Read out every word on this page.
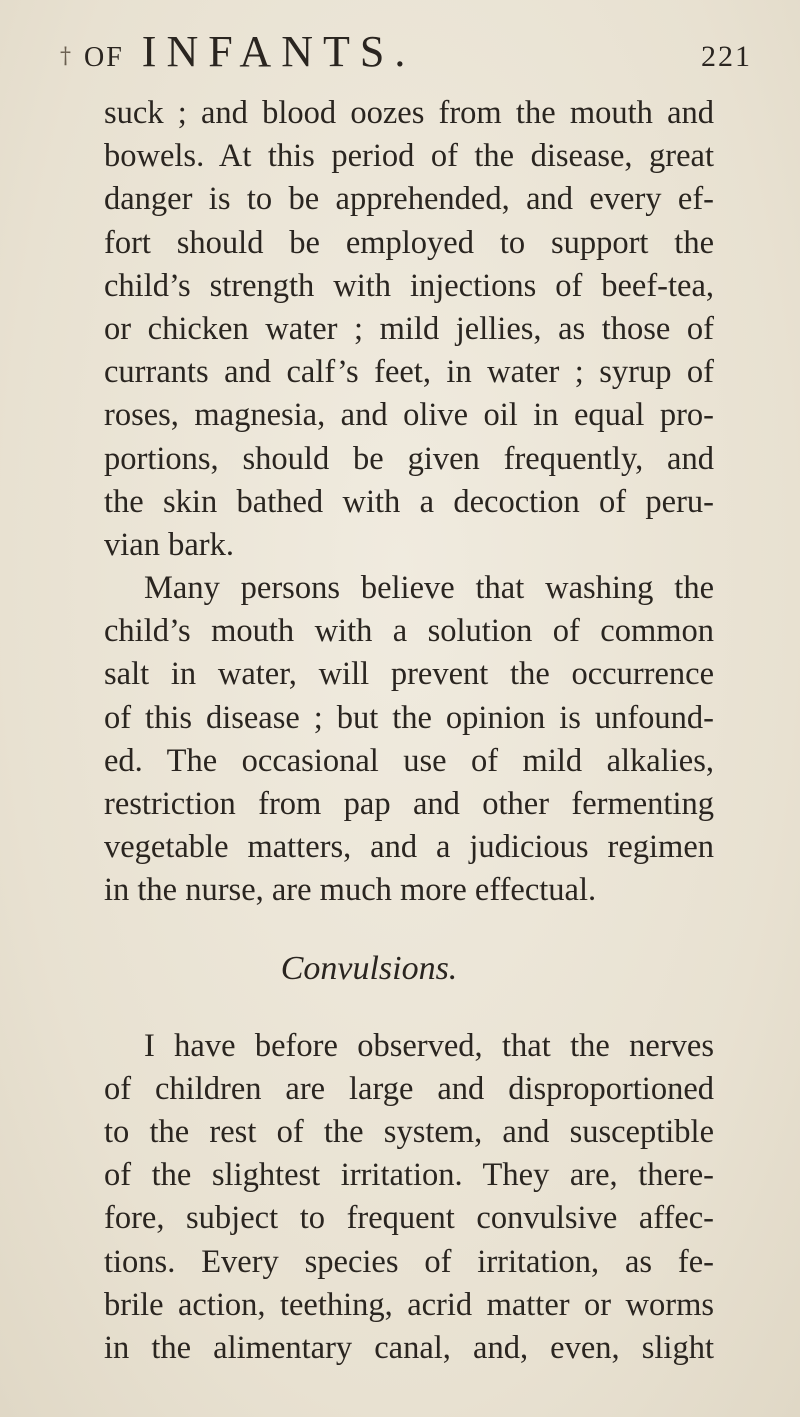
† OF INFANTS.	221
suck ; and blood oozes from the mouth and
bowels. At this period of the disease, great
danger is to be apprehended, and every ef-
fort should be employed to support the
child’s strength with injections of beef-tea,
or chicken water ; mild jellies, as those of
currants and calf’s feet, in water ; syrup of
roses, magnesia, and olive oil in equal pro-
portions, should be given frequently, and
the skin bathed with a decoction of peru-
vian bark.
Many persons believe that washing the
child’s mouth with a solution of common
salt in water, will prevent the occurrence
of this disease ; but the opinion is unfound-
ed. The occasional use of mild alkalies,
restriction from pap and other fermenting
vegetable matters, and a judicious regimen
in the nurse, are much more effectual.
Convulsions.
I have before observed, that the nerves
of children are large and disproportioned
to the rest of the system, and susceptible
of the slightest irritation. They are, there-
fore, subject to frequent convulsive affec-
tions. Every species of irritation, as fe-
brile action, teething, acrid matter or worms
in the alimentary canal, and, even, slight
